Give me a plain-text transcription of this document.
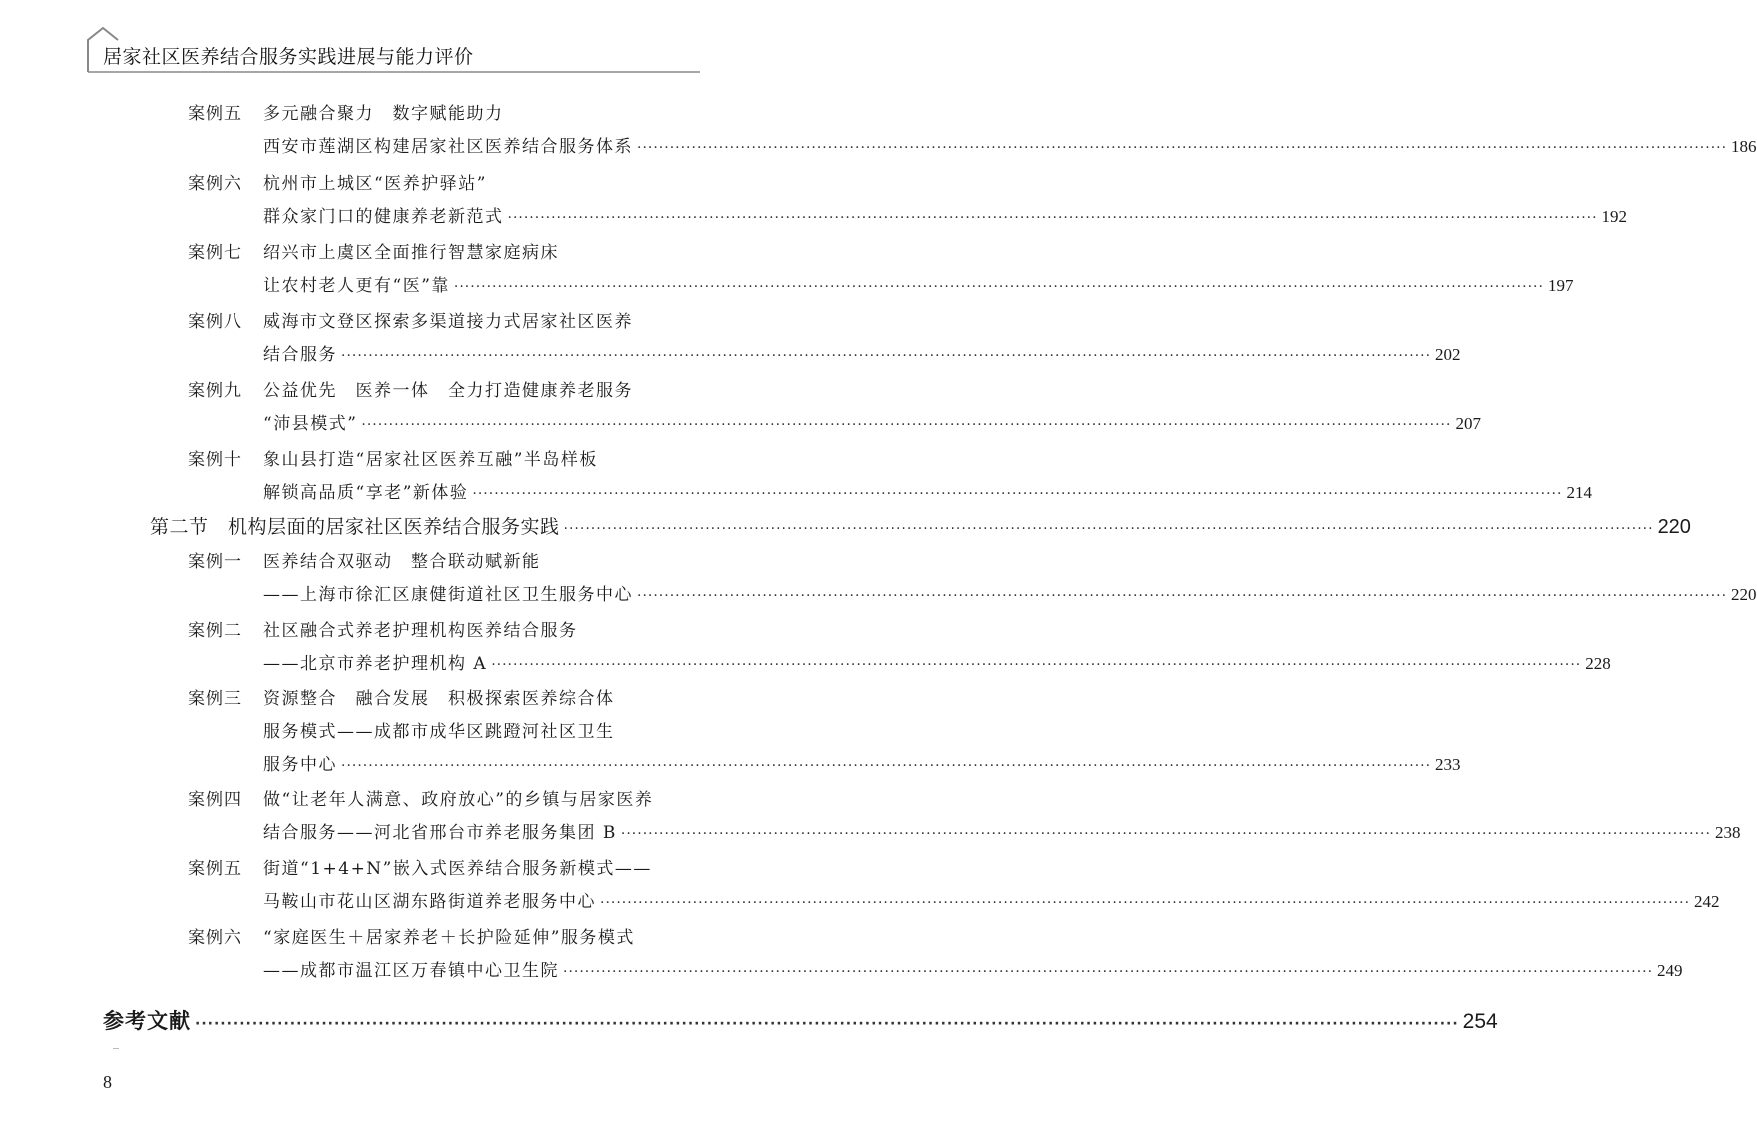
居家社区医养结合服务实践进展与能力评价
案例五	多元融合聚力　数字赋能助力
西安市莲湖区构建居家社区医养结合服务体系 ········································································································································································································ 186
案例六	杭州市上城区“医养护驿站”
群众家门口的健康养老新范式 ········································································································································································································ 192
案例七	绍兴市上虞区全面推行智慧家庭病床
让农村老人更有“医”靠 ········································································································································································································ 197
案例八	威海市文登区探索多渠道接力式居家社区医养
结合服务 ········································································································································································································ 202
案例九	公益优先　医养一体　全力打造健康养老服务
“沛县模式” ········································································································································································································ 207
案例十	象山县打造“居家社区医养互融”半岛样板
解锁高品质“享老”新体验 ········································································································································································································ 214
第二节　机构层面的居家社区医养结合服务实践 ········································································································································································································ 220
案例一	医养结合双驱动　整合联动赋新能
——上海市徐汇区康健街道社区卫生服务中心 ········································································································································································································ 220
案例二	社区融合式养老护理机构医养结合服务
——北京市养老护理机构 A ········································································································································································································ 228
案例三	资源整合　融合发展　积极探索医养综合体
服务模式——成都市成华区跳蹬河社区卫生
服务中心 ········································································································································································································ 233
案例四	做“让老年人满意、政府放心”的乡镇与居家医养
结合服务——河北省邢台市养老服务集团 B ········································································································································································································ 238
案例五	街道“1+4+N”嵌入式医养结合服务新模式——
马鞍山市花山区湖东路街道养老服务中心 ········································································································································································································ 242
案例六	“家庭医生＋居家养老＋长护险延伸”服务模式
——成都市温江区万春镇中心卫生院 ········································································································································································································ 249
参考文献 ········································································································································································································ 254
8
